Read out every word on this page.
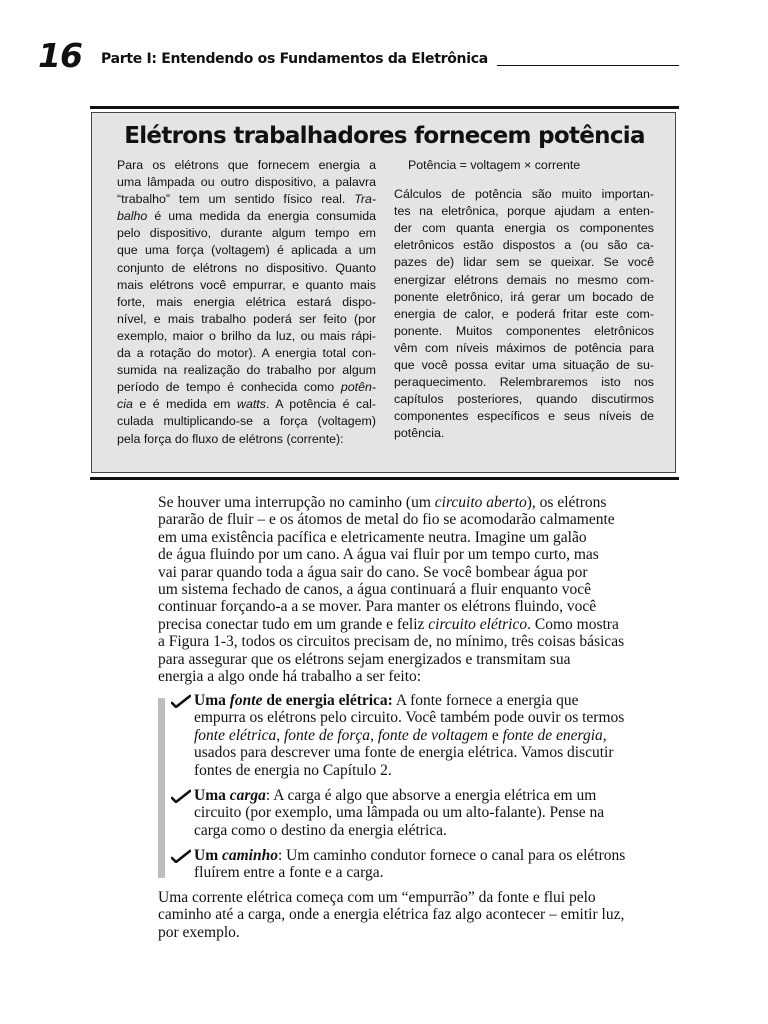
16 Parte I: Entendendo os Fundamentos da Eletrônica
Elétrons trabalhadores fornecem potência
Para os elétrons que fornecem energia a
uma lâmpada ou outro dispositivo, a palavra
“trabalho” tem um sentido físico real. Tra-
balho é uma medida da energia consumida
pelo dispositivo, durante algum tempo em
que uma força (voltagem) é aplicada a um
conjunto de elétrons no dispositivo. Quanto
mais elétrons você empurrar, e quanto mais
forte, mais energia elétrica estará dispo-
nível, e mais trabalho poderá ser feito (por
exemplo, maior o brilho da luz, ou mais rápi-
da a rotação do motor). A energia total con-
sumida na realização do trabalho por algum
período de tempo é conhecida como potên-
cia e é medida em watts. A potência é cal-
culada multiplicando-se a força (voltagem)
pela força do fluxo de elétrons (corrente):
Potência = voltagem × corrente
Cálculos de potência são muito importan-
tes na eletrônica, porque ajudam a enten-
der com quanta energia os componentes
eletrônicos estão dispostos a (ou são ca-
pazes de) lidar sem se queixar. Se você
energizar elétrons demais no mesmo com-
ponente eletrônico, irá gerar um bocado de
energia de calor, e poderá fritar este com-
ponente. Muitos componentes eletrônicos
vêm com níveis máximos de potência para
que você possa evitar uma situação de su-
peraquecimento. Relembraremos isto nos
capítulos posteriores, quando discutirmos
componentes específicos e seus níveis de
potência.
Se houver uma interrupção no caminho (um circuito aberto), os elétrons
pararão de fluir – e os átomos de metal do fio se acomodarão calmamente
em uma existência pacífica e eletricamente neutra. Imagine um galão
de água fluindo por um cano. A água vai fluir por um tempo curto, mas
vai parar quando toda a água sair do cano. Se você bombear água por
um sistema fechado de canos, a água continuará a fluir enquanto você
continuar forçando-a a se mover. Para manter os elétrons fluindo, você
precisa conectar tudo em um grande e feliz circuito elétrico. Como mostra
a Figura 1-3, todos os circuitos precisam de, no mínimo, três coisas básicas
para assegurar que os elétrons sejam energizados e transmitam sua
energia a algo onde há trabalho a ser feito:
Uma fonte de energia elétrica: A fonte fornece a energia que
empurra os elétrons pelo circuito. Você também pode ouvir os termos
fonte elétrica, fonte de força, fonte de voltagem e fonte de energia,
usados para descrever uma fonte de energia elétrica. Vamos discutir
fontes de energia no Capítulo 2.
Uma carga: A carga é algo que absorve a energia elétrica em um
circuito (por exemplo, uma lâmpada ou um alto-falante). Pense na
carga como o destino da energia elétrica.
Um caminho: Um caminho condutor fornece o canal para os elétrons
fluírem entre a fonte e a carga.
Uma corrente elétrica começa com um “empurrão” da fonte e flui pelo
caminho até a carga, onde a energia elétrica faz algo acontecer – emitir luz,
por exemplo.
